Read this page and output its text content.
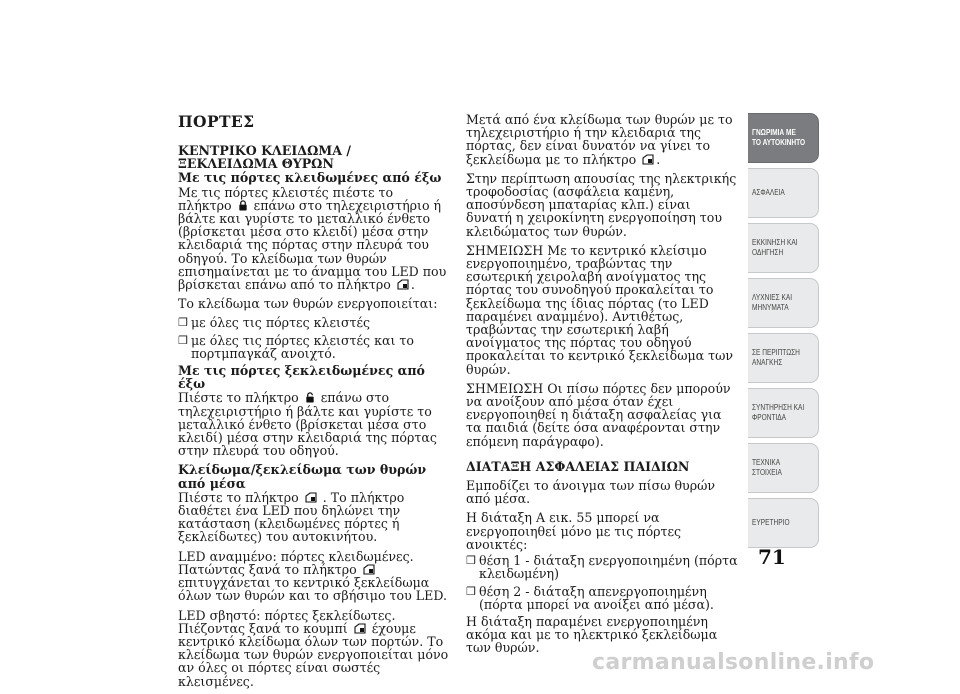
ΠΟΡΤΕΣ
ΚΕΝΤΡΙΚΟ ΚΛΕΙΔΩΜΑ / ΞΕΚΛΕΙΔΩΜΑ ΘΥΡΩΝ
Με τις πόρτες κλειδωμένες από έξω
Με τις πόρτες κλειστές πιέστε το πλήκτρο επάνω στο τηλεχειριστήριο ή βάλτε και γυρίστε το μεταλλικό ένθετο (βρίσκεται μέσα στο κλειδί) μέσα στην κλειδαριά της πόρτας στην πλευρά του οδηγού. Το κλείδωμα των θυρών επισημαίνεται με το άναμμα του LED που βρίσκεται επάνω από το πλήκτρο .
Το κλείδωμα των θυρών ενεργοποιείται:
❒ με όλες τις πόρτες κλειστές
❒ με όλες τις πόρτες κλειστές και το πορτμπαγκάζ ανοιχτό.
Με τις πόρτες ξεκλειδωμένες από έξω
Πιέστε το πλήκτρο επάνω στο τηλεχειριστήριο ή βάλτε και γυρίστε το μεταλλικό ένθετο (βρίσκεται μέσα στο κλειδί) μέσα στην κλειδαριά της πόρτας στην πλευρά του οδηγού.
Κλείδωμα/ξεκλείδωμα των θυρών από μέσα
Πιέστε το πλήκτρο . Το πλήκτρο διαθέτει ένα LED που δηλώνει την κατάσταση (κλειδωμένες πόρτες ή ξεκλείδωτες) του αυτοκινήτου.
LED αναμμένο: πόρτες κλειδωμένες. Πατώντας ξανά το πλήκτρο  επιτυγχάνεται το κεντρικό ξεκλείδωμα όλων των θυρών και το σβήσιμο του LED.
LED σβηστό: πόρτες ξεκλείδωτες. Πιέζοντας ξανά το κουμπί έχουμε κεντρικό κλείδωμα όλων των πορτών. Το κλείδωμα των θυρών ενεργοποιείται μόνο αν όλες οι πόρτες είναι σωστές κλεισμένες.
Μετά από ένα κλείδωμα των θυρών με το τηλεχειριστήριο ή την κλειδαριά της πόρτας, δεν είναι δυνατόν να γίνει το ξεκλείδωμα με το πλήκτρο .
Στην περίπτωση απουσίας της ηλεκτρικής τροφοδοσίας (ασφάλεια καμένη, αποσύνδεση μπαταρίας κλπ.) είναι δυνατή η χειροκίνητη ενεργοποίηση του κλειδώματος των θυρών.
ΣΗΜΕΙΩΣΗ Με το κεντρικό κλείσιμο ενεργοποιημένο, τραβώντας την εσωτερική χειρολαβή ανοίγματος της πόρτας του συνοδηγού προκαλείται το ξεκλείδωμα της ίδιας πόρτας (το LED παραμένει αναμμένο). Αντιθέτως, τραβώντας την εσωτερική λαβή ανοίγματος της πόρτας του οδηγού προκαλείται το κεντρικό ξεκλείδωμα των θυρών.
ΣΗΜΕΙΩΣΗ Οι πίσω πόρτες δεν μπορούν να ανοίξουν από μέσα όταν έχει ενεργοποιηθεί η διάταξη ασφαλείας για τα παιδιά (δείτε όσα αναφέρονται στην επόμενη παράγραφο).
ΔΙΑΤΑΞΗ ΑΣΦΑΛΕΙΑΣ ΠΑΙΔΙΩΝ
Εμποδίζει το άνοιγμα των πίσω θυρών από μέσα.
Η διάταξη A εικ. 55 μπορεί να ενεργοποιηθεί μόνο με τις πόρτες ανοικτές:
❒ θέση 1 - διάταξη ενεργοποιημένη (πόρτα κλειδωμένη)
❒ θέση 2 - διάταξη απενεργοποιημένη (πόρτα μπορεί να ανοίξει από μέσα).
Η διάταξη παραμένει ενεργοποιημένη ακόμα και με το ηλεκτρικό ξεκλείδωμα των θυρών.
ΓΝΩΡΙΜΙΑ ΜΕ ΤΟ ΑΥΤΟΚΙΝΗΤΟ
ΑΣΦΑΛΕΙΑ
ΕΚΚΙΝΗΣΗ ΚΑΙ ΟΔΗΓΗΣΗ
ΛΥΧΝΙΕΣ ΚΑΙ ΜΗΝΥΜΑΤΑ
ΣΕ ΠΕΡΙΠΤΩΣΗ ΑΝΑΓΚΗΣ
ΣΥΝΤΗΡΗΣΗ ΚΑΙ ΦΡΟΝΤΙΔΑ
ΤΕΧΝΙΚΑ ΣΤΟΙΧΕΙΑ
ΕΥΡΕΤΗΡΙΟ
71
carmanualsonline.info
